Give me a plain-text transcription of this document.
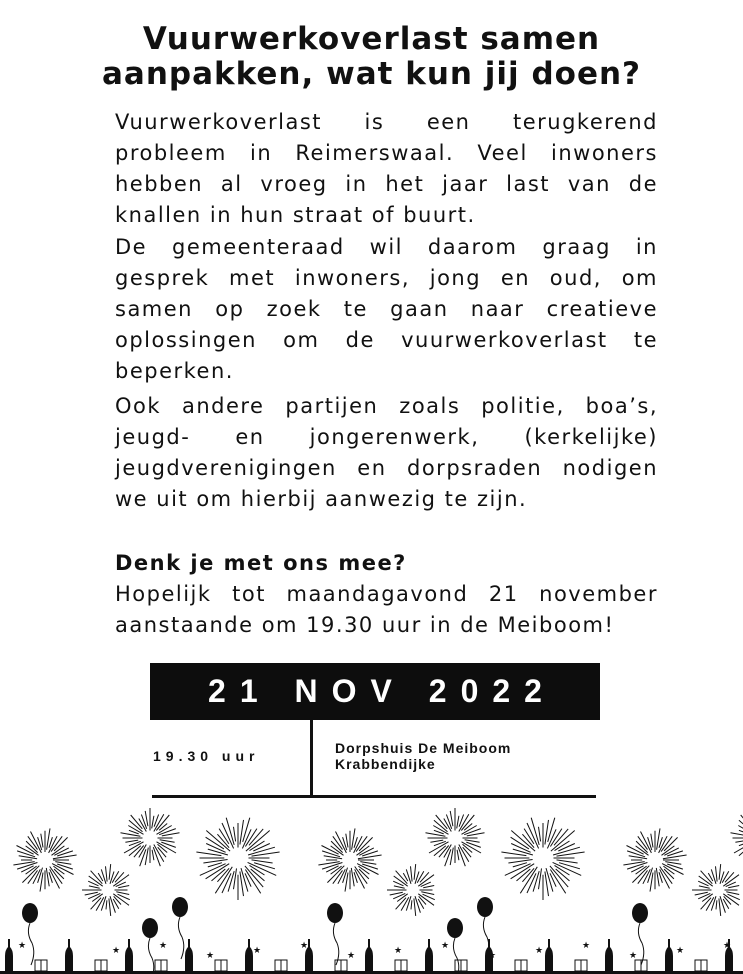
Vuurwerkoverlast samen aanpakken, wat kun jij doen?

Vuurwerkoverlast is een terugkerend probleem in Reimerswaal. Veel inwoners hebben al vroeg in het jaar last van de knallen in hun straat of buurt.

De gemeenteraad wil daarom graag in gesprek met inwoners, jong en oud, om samen op zoek te gaan naar creatieve oplossingen om de vuurwerkoverlast te beperken.

Ook andere partijen zoals politie, boa’s, jeugd- en jongerenwerk, (kerkelijke) jeugdverenigingen en dorpsraden nodigen we uit om hierbij aanwezig te zijn.

Denk je met ons mee?

Hopelijk tot maandagavond 21 november aanstaande om 19.30 uur in de Meiboom!

21 NOV 2022
19.30 uur	Dorpshuis De Meiboom
Krabbendijke
★
★	★	★
★	★	★
★	★	★
★	★	★
★	★	★
